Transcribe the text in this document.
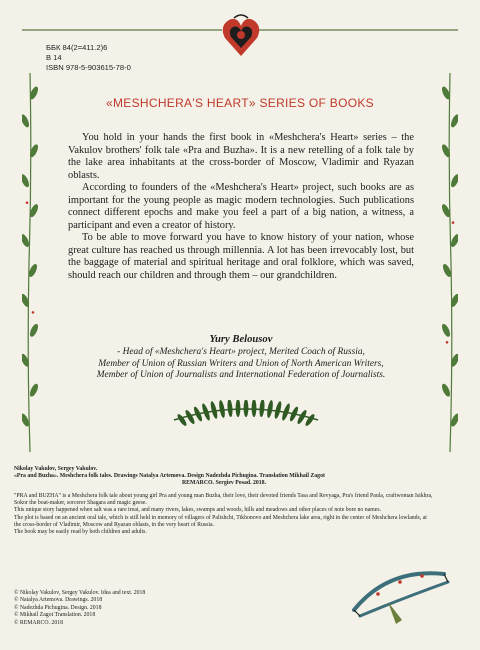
ББК 84(2=411.2)6
В 14
ISBN 978-5-903615-78-0
«MESHCHERA'S HEART» SERIES OF BOOKS

You hold in your hands the first book in «Meshchera's Heart» series – the Vakulov brothers' folk tale «Pra and Buzha». It is a new retelling of a folk tale by the lake area inhabitants at the cross-border of Moscow, Vladimir and Ryazan oblasts.

According to founders of the «Meshchera's Heart» project, such books are as important for the young people as magic modern technologies. Such publications connect different epochs and make you feel a part of a big nation, a witness, a participant and even a creator of history.

To be able to move forward you have to know history of your nation, whose great culture has reached us through millennia. A lot has been irrevocably lost, but the baggage of material and spiritual heritage and oral folklore, which was saved, should reach our children and through them – our grandchildren.

Yury Belousov
- Head of «Meshchera's Heart» project, Merited Coach of Russia,
Member of Union of Russian Writers and Union of North American Writers,
Member of Union of Journalists and International Federation of Journalists.

Nikolay Vakulov, Sergey Vakulov.

«Pra and Buzha». Meshchera folk tales. Drawings Natalya Artemova. Design Nadezhda Pichugina. Translation Mikhail Zagot

REMARCO. Sergiev Posad. 2018.

"PRA and BUZHA" is a Meshchera folk tale about young girl Pra and young man Buzha, their love, their devoted friends Tasa and Revyaga, Pra's friend Paula, craftwoman Isikhra, Sokor the boat-maker, sorcerer Shagara and magic geese.

This unique story happened when salt was a rare treat, and many rivers, lakes, swamps and woods, hills and meadows and other places of note bore no names.

The plot is based on an ancient oral tale, which is still held in memory of villagers of Palishchi, Tikhonovo and Meshchera lake area, right in the center of Meshchera lowlands, at the cross-border of Vladimir, Moscow and Ryazan oblasts, in the very heart of Russia.

The book may be easily read by both children and adults.

© Nikolay Vakulov, Sergey Vakulov. Idea and text. 2018
© Natalya Artemova. Drawings. 2018
© Nadezhda Pichugina. Design. 2018
© Mikhail Zagot Translation. 2018
© REMARCO. 2018
